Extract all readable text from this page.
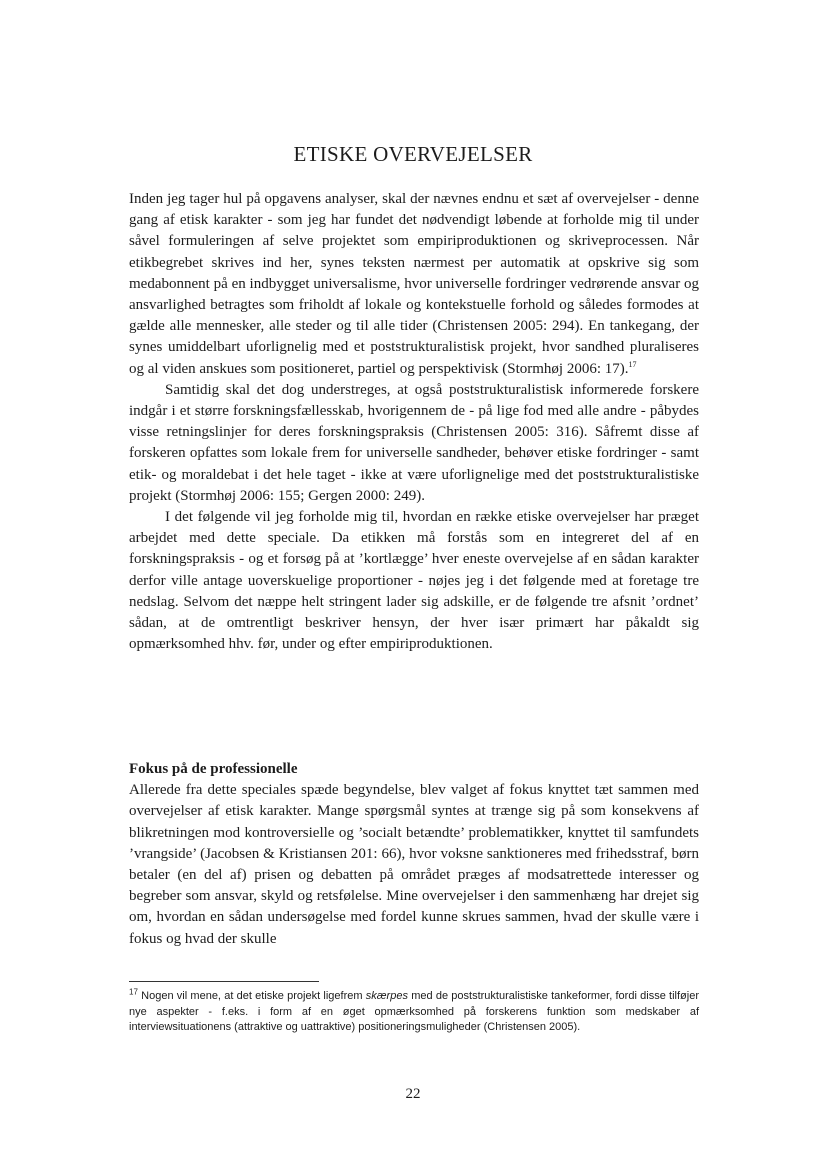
ETISKE OVERVEJELSER

Inden jeg tager hul på opgavens analyser, skal der nævnes endnu et sæt af overvejelser - denne gang af etisk karakter - som jeg har fundet det nødvendigt løbende at forholde mig til under såvel formuleringen af selve projektet som empiriproduktionen og skriveprocessen. Når etikbegrebet skrives ind her, synes teksten nærmest per automatik at opskrive sig som medabonnent på en indbygget universalisme, hvor universelle fordringer vedrørende ansvar og ansvarlighed betragtes som friholdt af lokale og kontekstuelle forhold og således formodes at gælde alle mennesker, alle steder og til alle tider (Christensen 2005: 294). En tankegang, der synes umiddelbart uforlignelig med et poststrukturalistisk projekt, hvor sandhed pluraliseres og al viden anskues som positioneret, partiel og perspektivisk (Stormhøj 2006: 17).$^{17}$

Samtidig skal det dog understreges, at også poststrukturalistisk informerede forskere indgår i et større forskningsfællesskab, hvorigennem de - på lige fod med alle andre - påbydes visse retningslinjer for deres forskningspraksis (Christensen 2005: 316). Såfremt disse af forskeren opfattes som lokale frem for universelle sandheder, behøver etiske fordringer - samt etik- og moraldebat i det hele taget - ikke at være uforlignelige med det poststrukturalistiske projekt (Stormhøj 2006: 155; Gergen 2000: 249).

I det følgende vil jeg forholde mig til, hvordan en række etiske overvejelser har præget arbejdet med dette speciale. Da etikken må forstås som en integreret del af en forskningspraksis - og et forsøg på at ’kortlægge’ hver eneste overvejelse af en sådan karakter derfor ville antage uoverskuelige proportioner - nøjes jeg i det følgende med at foretage tre nedslag. Selvom det næppe helt stringent lader sig adskille, er de følgende tre afsnit ’ordnet’ sådan, at de omtrentligt beskriver hensyn, der hver især primært har påkaldt sig opmærksomhed hhv. før, under og efter empiriproduktionen.

Fokus på de professionelle

Allerede fra dette speciales spæde begyndelse, blev valget af fokus knyttet tæt sammen med overvejelser af etisk karakter. Mange spørgsmål syntes at trænge sig på som konsekvens af blikretningen mod kontroversielle og ’socialt betændte’ problematikker, knyttet til samfundets ’vrangside’ (Jacobsen & Kristiansen 201: 66), hvor voksne sanktioneres med frihedsstraf, børn betaler (en del af) prisen og debatten på området præges af modsatrettede interesser og begreber som ansvar, skyld og retsfølelse. Mine overvejelser i den sammenhæng har drejet sig om, hvordan en sådan undersøgelse med fordel kunne skrues sammen, hvad der skulle være i fokus og hvad der skulle

$^{17}$ Nogen vil mene, at det etiske projekt ligefrem skærpes med de poststrukturalistiske tankeformer, fordi disse tilføjer nye aspekter - f.eks. i form af en øget opmærksomhed på forskerens funktion som medskaber af interviewsituationens (attraktive og uattraktive) positioneringsmuligheder (Christensen 2005).
22
